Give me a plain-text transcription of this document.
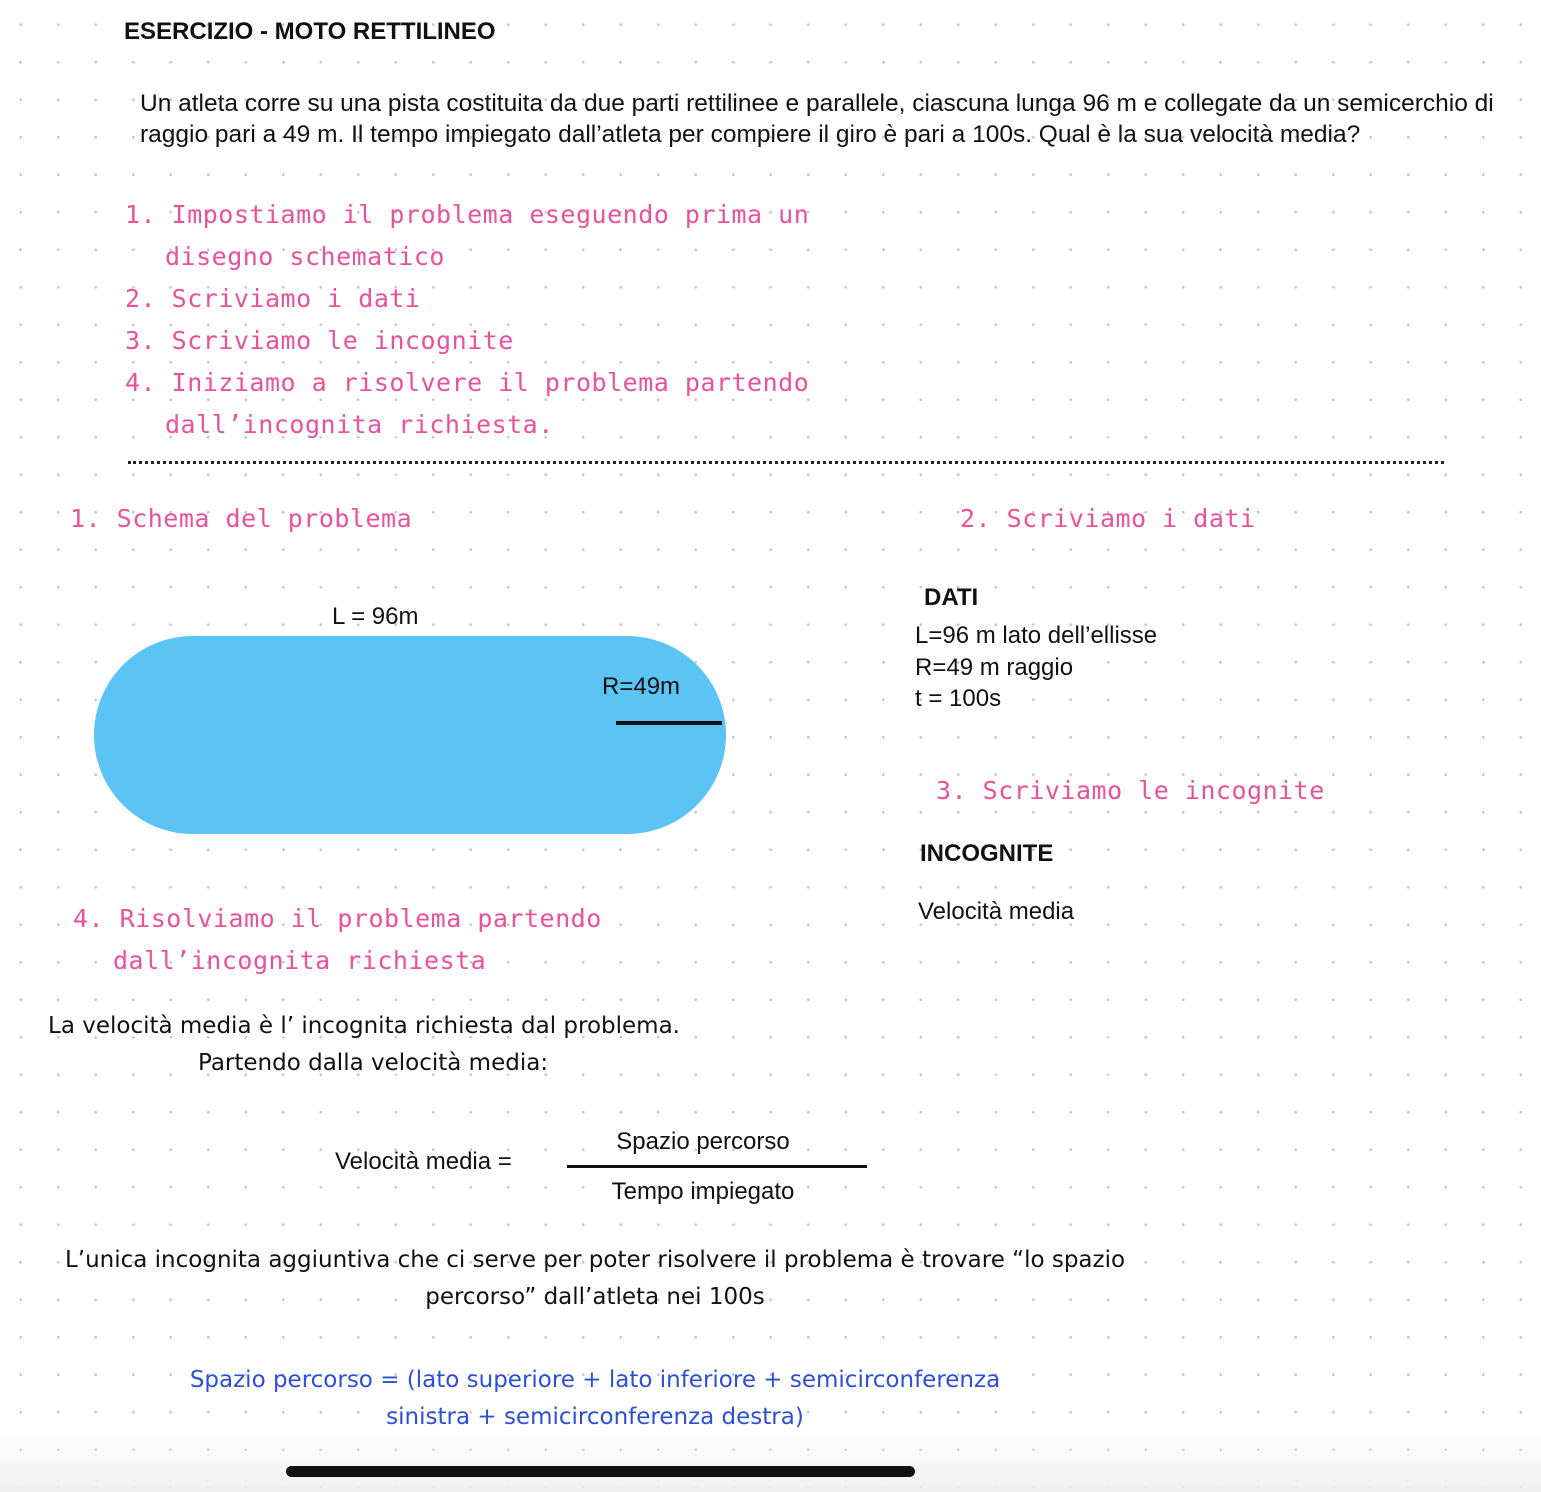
ESERCIZIO - MOTO RETTILINEO
Un atleta corre su una pista costituita da due parti rettilinee e parallele, ciascuna lunga 96 m e collegate da un semicerchio di raggio pari a 49 m. Il tempo impiegato dall’atleta per compiere il giro è pari a 100s. Qual è la sua velocità media?
1. Impostiamo il problema eseguendo prima un
disegno schematico
2. Scriviamo i dati
3. Scriviamo le incognite
4. Iniziamo a risolvere il problema partendo
dall’incognita richiesta.
1. Schema del problema	2. Scriviamo i dati
L = 96m
R=49m
DATI
L=96 m lato dell’ellisse
R=49 m raggio
t = 100s
3. Scriviamo le incognite
INCOGNITE
Velocità media
4. Risolviamo il problema partendo
dall’incognita richiesta
La velocità media è l’ incognita richiesta dal problema.
Partendo dalla velocità media:
Velocità media =
Spazio percorso
Tempo impiegato
L’unica incognita aggiuntiva che ci serve per poter risolvere il problema è trovare “lo spazio percorso” dall’atleta nei 100s
Spazio percorso = (lato superiore + lato inferiore + semicirconferenza sinistra + semicirconferenza destra)
